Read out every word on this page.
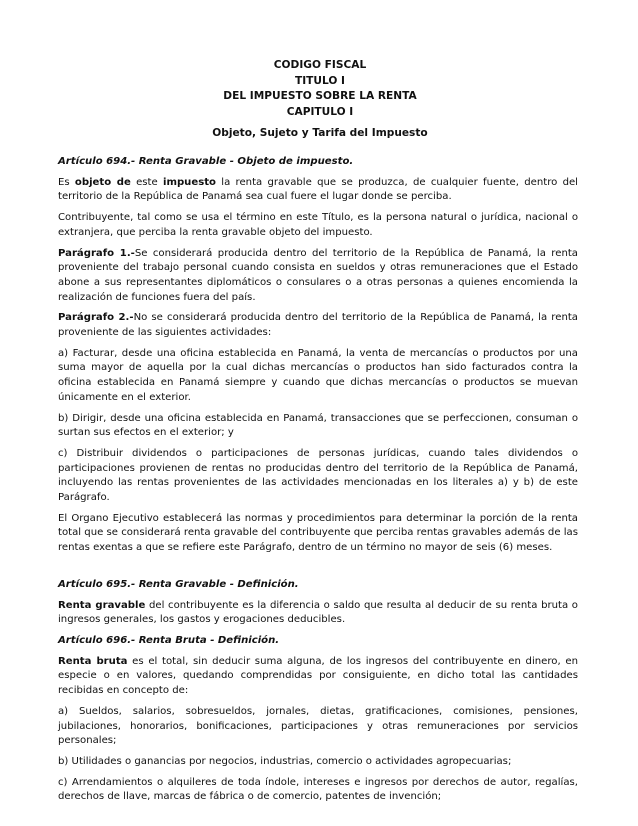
CODIGO FISCAL
TITULO I
DEL IMPUESTO SOBRE LA RENTA
CAPITULO I
Objeto, Sujeto y Tarifa del Impuesto

Artículo 694.- Renta Gravable - Objeto de impuesto.

Es objeto de este impuesto la renta gravable que se produzca, de cualquier fuente, dentro del territorio de la República de Panamá sea cual fuere el lugar donde se perciba.

Contribuyente, tal como se usa el término en este Título, es la persona natural o jurídica, nacional o extranjera, que perciba la renta gravable objeto del impuesto.

Parágrafo 1.-Se considerará producida dentro del territorio de la República de Panamá, la renta proveniente del trabajo personal cuando consista en sueldos y otras remuneraciones que el Estado abone a sus representantes diplomáticos o consulares o a otras personas a quienes encomienda la realización de funciones fuera del país.

Parágrafo 2.-No se considerará producida dentro del territorio de la República de Panamá, la renta proveniente de las siguientes actividades:

a) Facturar, desde una oficina establecida en Panamá, la venta de mercancías o productos por una suma mayor de aquella por la cual dichas mercancías o productos han sido facturados contra la oficina establecida en Panamá siempre y cuando que dichas mercancías o productos se muevan únicamente en el exterior.

b) Dirigir, desde una oficina establecida en Panamá, transacciones que se perfeccionen, consuman o surtan sus efectos en el exterior; y

c) Distribuir dividendos o participaciones de personas jurídicas, cuando tales dividendos o participaciones provienen de rentas no producidas dentro del territorio de la República de Panamá, incluyendo las rentas provenientes de las actividades mencionadas en los literales a) y b) de este Parágrafo.

El Organo Ejecutivo establecerá las normas y procedimientos para determinar la porción de la renta total que se considerará renta gravable del contribuyente que perciba rentas gravables además de las rentas exentas a que se refiere este Parágrafo, dentro de un término no mayor de seis (6) meses.

Artículo 695.- Renta Gravable - Definición.

Renta gravable del contribuyente es la diferencia o saldo que resulta al deducir de su renta bruta o ingresos generales, los gastos y erogaciones deducibles.

Artículo 696.- Renta Bruta - Definición.

Renta bruta es el total, sin deducir suma alguna, de los ingresos del contribuyente en dinero, en especie o en valores, quedando comprendidas por consiguiente, en dicho total las cantidades recibidas en concepto de:

a) Sueldos, salarios, sobresueldos, jornales, dietas, gratificaciones, comisiones, pensiones, jubilaciones, honorarios, bonificaciones, participaciones y otras remuneraciones por servicios personales;

b) Utilidades o ganancias por negocios, industrias, comercio o actividades agropecuarias;

c) Arrendamientos o alquileres de toda índole, intereses e ingresos por derechos de autor, regalías, derechos de llave, marcas de fábrica o de comercio, patentes de invención;
